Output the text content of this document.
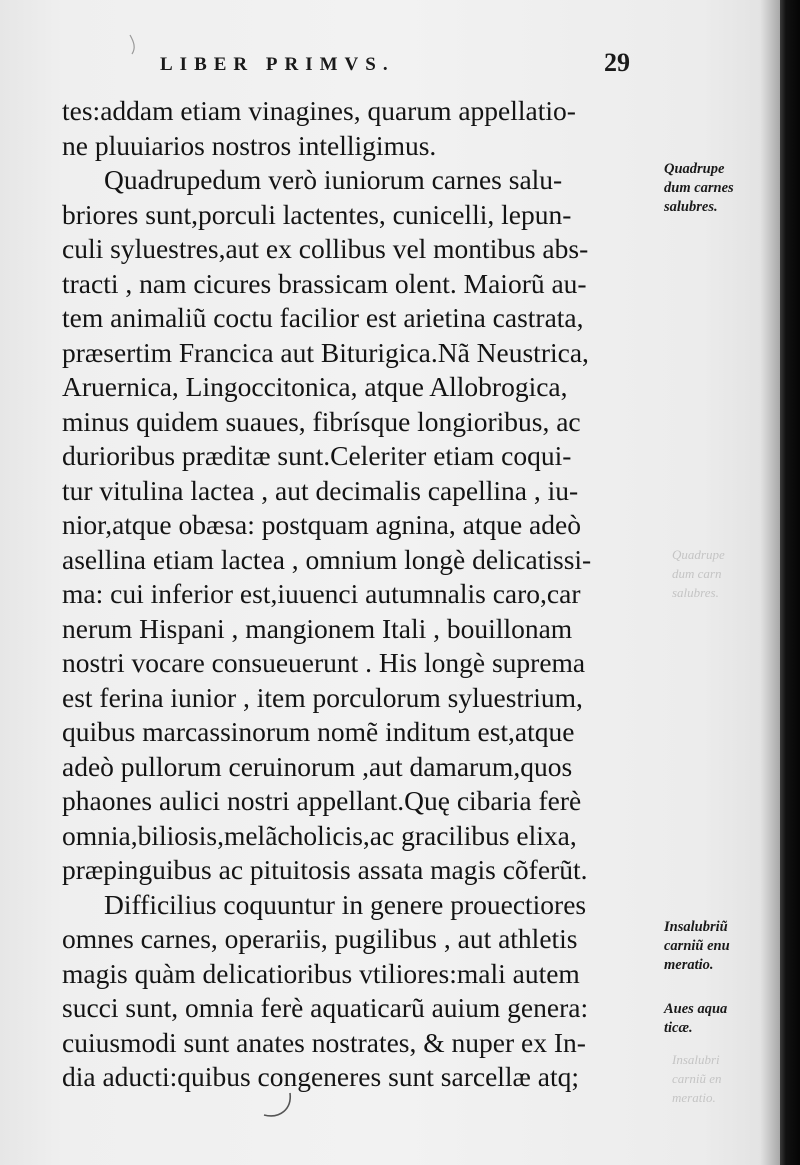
LIBER PRIMVS.	29
tes:addam etiam vinagines, quarum appellatio-
ne pluuiarios nostros intelligimus.
Quadrupedum verò iuniorum carnes salu-
briores sunt,porculi lactentes, cunicelli, lepun-
culi syluestres,aut ex collibus vel montibus abs-
tracti , nam cicures brassicam olent. Maiorũ au-
tem animaliũ coctu facilior est arietina castrata,
præsertim Francica aut Biturigica.Nã Neustrica,
Aruernica, Lingoccitonica, atque Allobrogica,
minus quidem suaues, fibrísque longioribus, ac
durioribus præditæ sunt.Celeriter etiam coqui-
tur vitulina lactea , aut decimalis capellina , iu-
nior,atque obæsa: postquam agnina, atque adeò
asellina etiam lactea , omnium longè delicatissi-
ma: cui inferior est,iuuenci autumnalis caro,car
nerum Hispani , mangionem Itali , bouillonam
nostri vocare consueuerunt . His longè suprema
est ferina iunior , item porculorum syluestrium,
quibus marcassinorum nomẽ inditum est,atque
adeò pullorum ceruinorum ,aut damarum,quos
phaones aulici nostri appellant.Quę cibaria ferè
omnia,biliosis,melãcholicis,ac gracilibus elixa,
præpinguibus ac pituitosis assata magis cõferũt.
Difficilius coquuntur in genere prouectiores
omnes carnes, operariis, pugilibus , aut athletis
magis quàm delicatioribus vtiliores:mali autem
succi sunt, omnia ferè aquaticarũ auium genera:
cuiusmodi sunt anates nostrates, & nuper ex In-
dia aducti:quibus congeneres sunt sarcellæ atq;
Quadrupe
dum carnes
salubres.
Insalubriũ
carniũ enu
meratio.
Aues aqua
ticæ.
Quadrupe
dum carn
salubres.
Insalubri
carniũ en
meratio.
